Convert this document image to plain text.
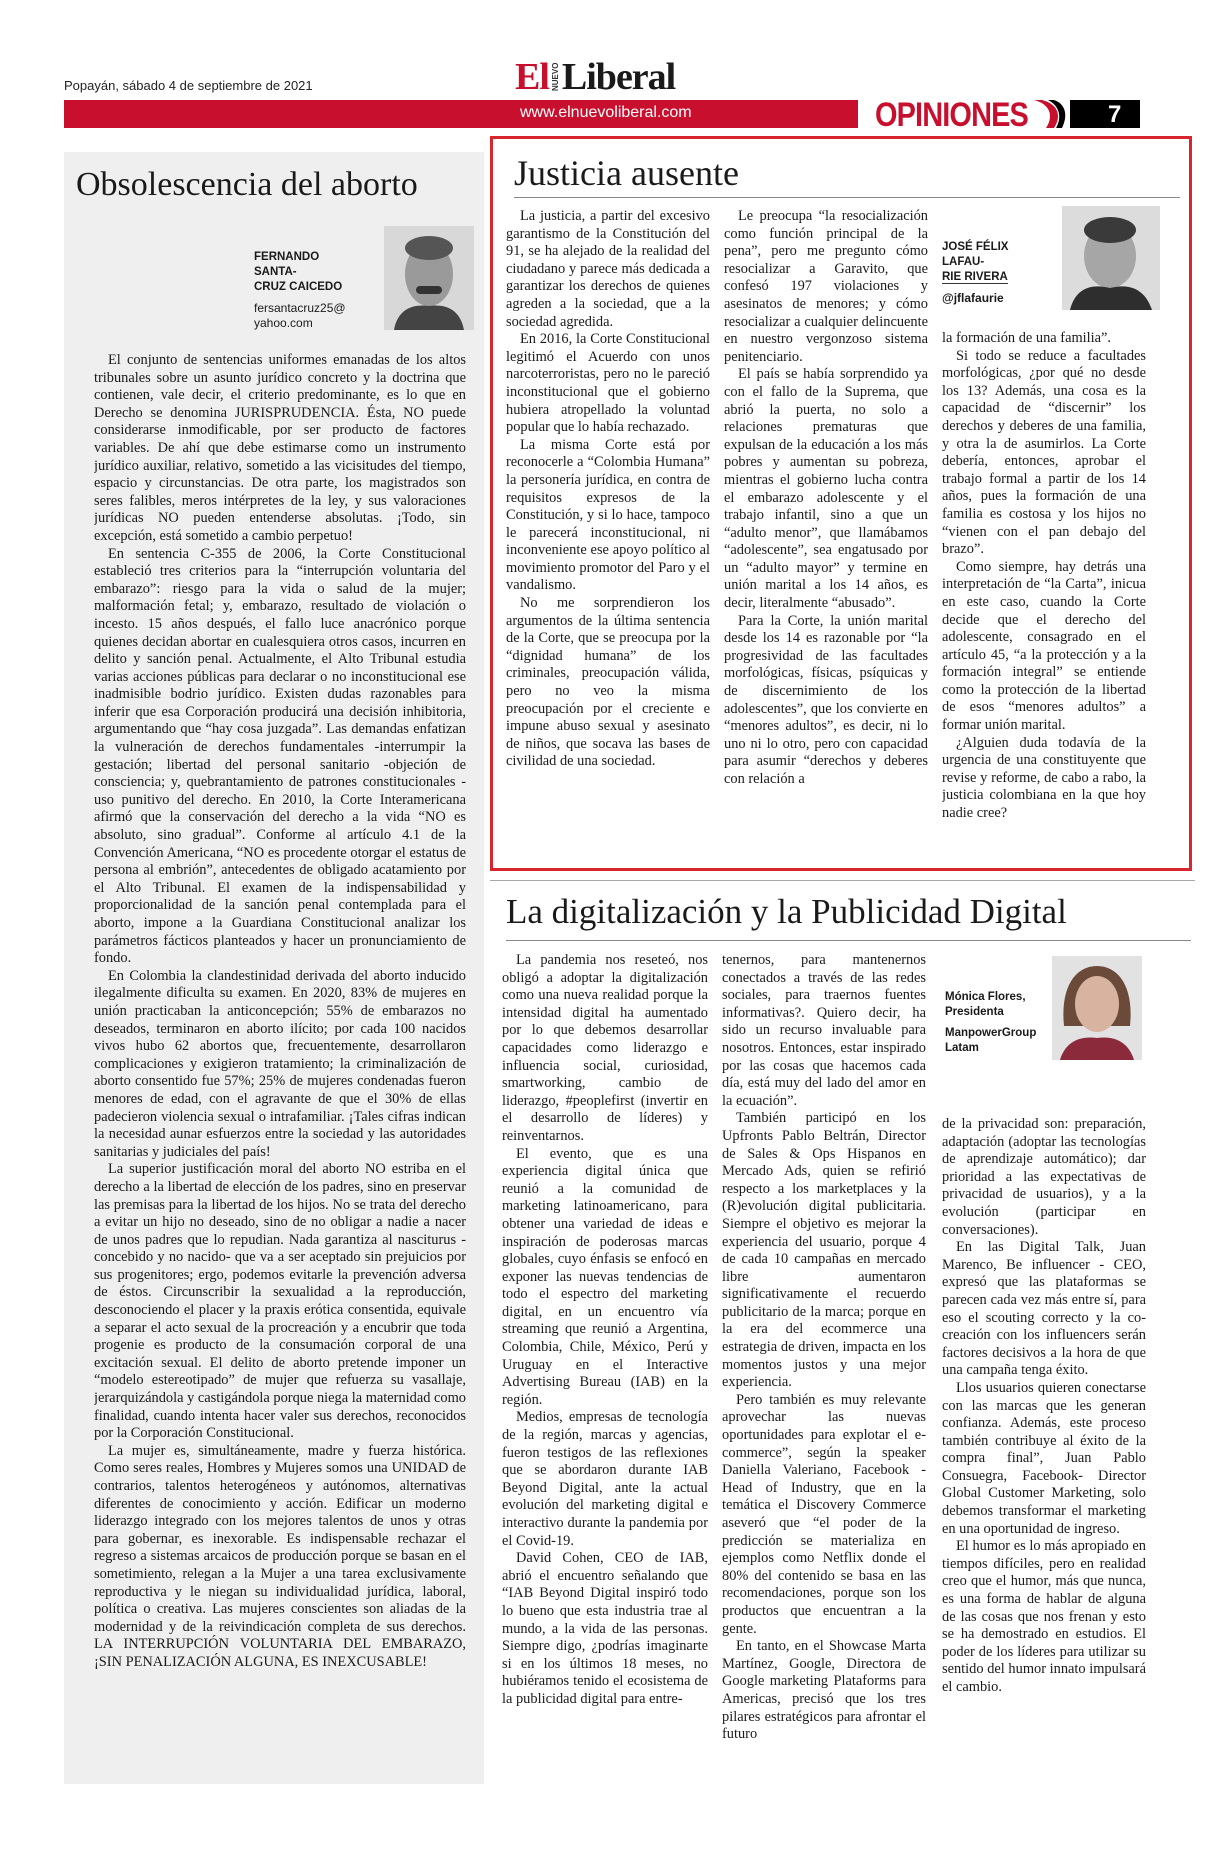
Popayán, sábado 4 de septiembre de 2021	El NUEVO Liberal
www.elnuevoliberal.com	OPINIONES	7
Obsolescencia del aborto
FERNANDO SANTA-
CRUZ CAICEDO
fersantacruz25@
yahoo.com

El conjunto de sentencias uniformes emanadas de los altos tribunales sobre un asunto jurídico concreto y la doctrina que contienen, vale decir, el criterio predominante, es lo que en Derecho se denomina JURISPRUDENCIA. Ésta, NO puede considerarse inmodificable, por ser producto de factores variables. De ahí que debe estimarse como un instrumento jurídico auxiliar, relativo, sometido a las vicisitudes del tiempo, espacio y circunstancias. De otra parte, los magistrados son seres falibles, meros intérpretes de la ley, y sus valoraciones jurídicas NO pueden entenderse absolutas. ¡Todo, sin excepción, está sometido a cambio perpetuo!

En sentencia C-355 de 2006, la Corte Constitucional estableció tres criterios para la “interrupción voluntaria del embarazo”: riesgo para la vida o salud de la mujer; malformación fetal; y, embarazo, resultado de violación o incesto. 15 años después, el fallo luce anacrónico porque quienes decidan abortar en cualesquiera otros casos, incurren en delito y sanción penal. Actualmente, el Alto Tribunal estudia varias acciones públicas para declarar o no inconstitucional ese inadmisible bodrio jurídico. Existen dudas razonables para inferir que esa Corporación producirá una decisión inhibitoria, argumentando que “hay cosa juzgada”. Las demandas enfatizan la vulneración de derechos fundamentales -interrumpir la gestación; libertad del personal sanitario -objeción de consciencia; y, quebrantamiento de patrones constitucionales -uso punitivo del derecho. En 2010, la Corte Interamericana afirmó que la conservación del derecho a la vida “NO es absoluto, sino gradual”. Conforme al artículo 4.1 de la Convención Americana, “NO es procedente otorgar el estatus de persona al embrión”, antecedentes de obligado acatamiento por el Alto Tribunal. El examen de la indispensabilidad y proporcionalidad de la sanción penal contemplada para el aborto, impone a la Guardiana Constitucional analizar los parámetros fácticos planteados y hacer un pronunciamiento de fondo.

En Colombia la clandestinidad derivada del aborto inducido ilegalmente dificulta su examen. En 2020, 83% de mujeres en unión practicaban la anticoncepción; 55% de embarazos no deseados, terminaron en aborto ilícito; por cada 100 nacidos vivos hubo 62 abortos que, frecuentemente, desarrollaron complicaciones y exigieron tratamiento; la criminalización de aborto consentido fue 57%; 25% de mujeres condenadas fueron menores de edad, con el agravante de que el 30% de ellas padecieron violencia sexual o intrafamiliar. ¡Tales cifras indican la necesidad aunar esfuerzos entre la sociedad y las autoridades sanitarias y judiciales del país!

La superior justificación moral del aborto NO estriba en el derecho a la libertad de elección de los padres, sino en preservar las premisas para la libertad de los hijos. No se trata del derecho a evitar un hijo no deseado, sino de no obligar a nadie a nacer de unos padres que lo repudian. Nada garantiza al nasciturus -concebido y no nacido- que va a ser aceptado sin prejuicios por sus progenitores; ergo, podemos evitarle la prevención adversa de éstos. Circunscribir la sexualidad a la reproducción, desconociendo el placer y la praxis erótica consentida, equivale a separar el acto sexual de la procreación y a encubrir que toda progenie es producto de la consumación corporal de una excitación sexual. El delito de aborto pretende imponer un “modelo estereotipado” de mujer que refuerza su vasallaje, jerarquizándola y castigándola porque niega la maternidad como finalidad, cuando intenta hacer valer sus derechos, reconocidos por la Corporación Constitucional.

La mujer es, simultáneamente, madre y fuerza histórica. Como seres reales, Hombres y Mujeres somos una UNIDAD de contrarios, talentos heterogéneos y autónomos, alternativas diferentes de conocimiento y acción. Edificar un moderno liderazgo integrado con los mejores talentos de unos y otras para gobernar, es inexorable. Es indispensable rechazar el regreso a sistemas arcaicos de producción porque se basan en el sometimiento, relegan a la Mujer a una tarea exclusivamente reproductiva y le niegan su individualidad jurídica, laboral, política o creativa. Las mujeres conscientes son aliadas de la modernidad y de la reivindicación completa de sus derechos. LA INTERRUPCIÓN VOLUNTARIA DEL EMBARAZO, ¡SIN PENALIZACIÓN ALGUNA, ES INEXCUSABLE!

Justicia ausente

La justicia, a partir del excesivo garantismo de la Constitución del 91, se ha alejado de la realidad del ciudadano y parece más dedicada a garantizar los derechos de quienes agreden a la sociedad, que a la sociedad agredida.

En 2016, la Corte Constitucional legitimó el Acuerdo con unos narcoterroristas, pero no le pareció inconstitucional que el gobierno hubiera atropellado la voluntad popular que lo había rechazado.

La misma Corte está por reconocerle a “Colombia Humana” la personería jurídica, en contra de requisitos expresos de la Constitución, y si lo hace, tampoco le parecerá inconstitucional, ni inconveniente ese apoyo político al movimiento promotor del Paro y el vandalismo.

No me sorprendieron los argumentos de la última sentencia de la Corte, que se preocupa por la “dignidad humana” de los criminales, preocupación válida, pero no veo la misma preocupación por el creciente e impune abuso sexual y asesinato de niños, que socava las bases de civilidad de una sociedad.

Le preocupa “la resocialización como función principal de la pena”, pero me pregunto cómo resocializar a Garavito, que confesó 197 violaciones y asesinatos de menores; y cómo resocializar a cualquier delincuente en nuestro vergonzoso sistema penitenciario.

El país se había sorprendido ya con el fallo de la Suprema, que abrió la puerta, no solo a relaciones prematuras que expulsan de la educación a los más pobres y aumentan su pobreza, mientras el gobierno lucha contra el embarazo adolescente y el trabajo infantil, sino a que un “adulto menor”, que llamábamos “adolescente”, sea engatusado por un “adulto mayor” y termine en unión marital a los 14 años, es decir, literalmente “abusado”.

Para la Corte, la unión marital desde los 14 es razonable por “la progresividad de las facultades morfológicas, físicas, psíquicas y de discernimiento de los adolescentes”, que los convierte en “menores adultos”, es decir, ni lo uno ni lo otro, pero con capacidad para asumir “derechos y deberes con relación a

JOSÉ FÉLIX LAFAU-
RIE RIVERA
@jflafaurie

la formación de una familia”.

Si todo se reduce a facultades morfológicas, ¿por qué no desde los 13? Además, una cosa es la capacidad de “discernir” los derechos y deberes de una familia, y otra la de asumirlos. La Corte debería, entonces, aprobar el trabajo formal a partir de los 14 años, pues la formación de una familia es costosa y los hijos no “vienen con el pan debajo del brazo”.

Como siempre, hay detrás una interpretación de “la Carta”, inicua en este caso, cuando la Corte decide que el derecho del adolescente, consagrado en el artículo 45, “a la protección y a la formación integral” se entiende como la protección de la libertad de esos “menores adultos” a formar unión marital.

¿Alguien duda todavía de la urgencia de una constituyente que revise y reforme, de cabo a rabo, la justicia colombiana en la que hoy nadie cree?

La digitalización y la Publicidad Digital

La pandemia nos reseteó, nos obligó a adoptar la digitalización como una nueva realidad porque la intensidad digital ha aumentado por lo que debemos desarrollar capacidades como liderazgo e influencia social, curiosidad, smartworking, cambio de liderazgo, #peoplefirst (invertir en el desarrollo de líderes) y reinventarnos.

El evento, que es una experiencia digital única que reunió a la comunidad de marketing latinoamericano, para obtener una variedad de ideas e inspiración de poderosas marcas globales, cuyo énfasis se enfocó en exponer las nuevas tendencias de todo el espectro del marketing digital, en un encuentro vía streaming que reunió a Argentina, Colombia, Chile, México, Perú y Uruguay en el Interactive Advertising Bureau (IAB) en la región.

Medios, empresas de tecnología de la región, marcas y agencias, fueron testigos de las reflexiones que se abordaron durante IAB Beyond Digital, ante la actual evolución del marketing digital e interactivo durante la pandemia por el Covid-19.

David Cohen, CEO de IAB, abrió el encuentro señalando que “IAB Beyond Digital inspiró todo lo bueno que esta industria trae al mundo, a la vida de las personas. Siempre digo, ¿podrías imaginarte si en los últimos 18 meses, no hubiéramos tenido el ecosistema de la publicidad digital para entre-

tenernos, para mantenernos conectados a través de las redes sociales, para traernos fuentes informativas?. Quiero decir, ha sido un recurso invaluable para nosotros. Entonces, estar inspirado por las cosas que hacemos cada día, está muy del lado del amor en la ecuación”.

También participó en los Upfronts Pablo Beltrán, Director de Sales & Ops Hispanos en Mercado Ads, quien se refirió respecto a los marketplaces y la (R)evolución digital publicitaria. Siempre el objetivo es mejorar la experiencia del usuario, porque 4 de cada 10 campañas en mercado libre aumentaron significativamente el recuerdo publicitario de la marca; porque en la era del ecommerce una estrategia de driven, impacta en los momentos justos y una mejor experiencia.

Pero también es muy relevante aprovechar las nuevas oportunidades para explotar el e-commerce”, según la speaker Daniella Valeriano, Facebook - Head of Industry, que en la temática el Discovery Commerce aseveró que “el poder de la predicción se materializa en ejemplos como Netflix donde el 80% del contenido se basa en las recomendaciones, porque son los productos que encuentran a la gente.

En tanto, en el Showcase Marta Martínez, Google, Directora de Google marketing Plataforms para Americas, precisó que los tres pilares estratégicos para afrontar el futuro

Mónica Flores,
Presidenta
ManpowerGroup
Latam

de la privacidad son: preparación, adaptación (adoptar las tecnologías de aprendizaje automático); dar prioridad a las expectativas de privacidad de usuarios), y a la evolución (participar en conversaciones).

En las Digital Talk, Juan Marenco, Be influencer - CEO, expresó que las plataformas se parecen cada vez más entre sí, para eso el scouting correcto y la co-creación con los influencers serán factores decisivos a la hora de que una campaña tenga éxito.

Llos usuarios quieren conectarse con las marcas que les generan confianza. Además, este proceso también contribuye al éxito de la compra final”, Juan Pablo Consuegra, Facebook- Director Global Customer Marketing, solo debemos transformar el marketing en una oportunidad de ingreso.

El humor es lo más apropiado en tiempos difíciles, pero en realidad creo que el humor, más que nunca, es una forma de hablar de alguna de las cosas que nos frenan y esto se ha demostrado en estudios. El poder de los líderes para utilizar su sentido del humor innato impulsará el cambio.
